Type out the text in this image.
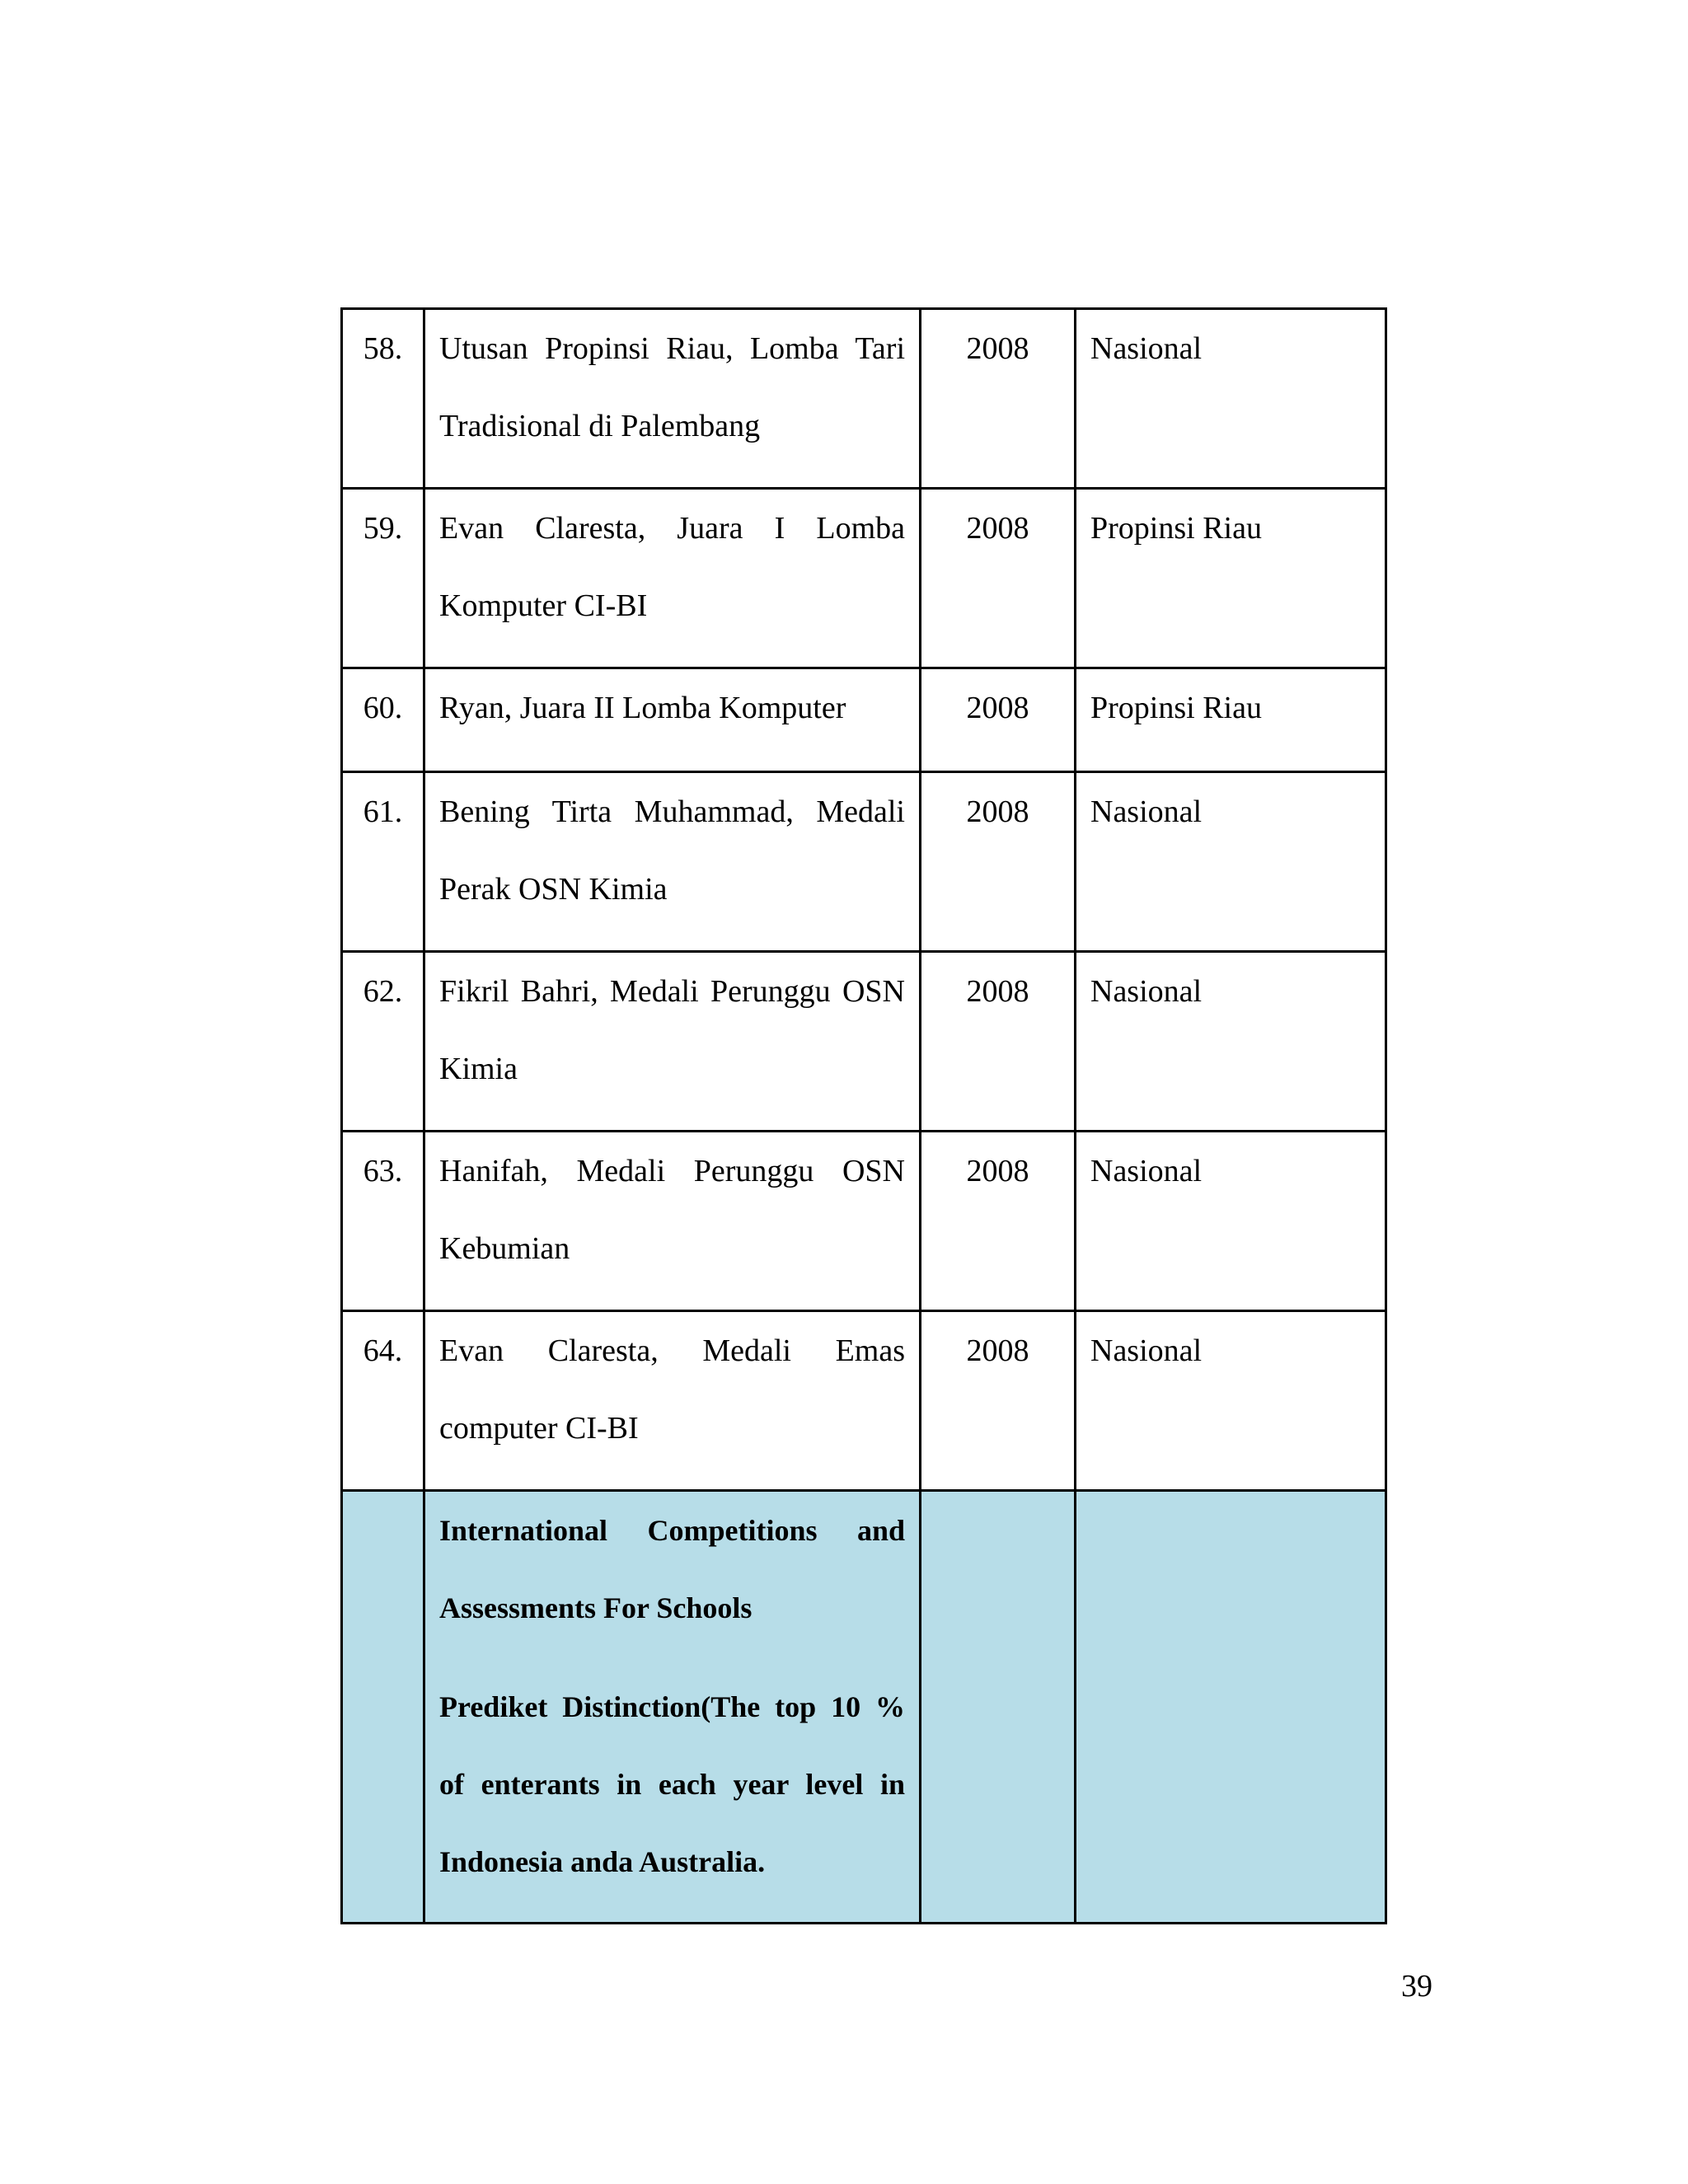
58.	Utusan Propinsi Riau, Lomba Tari Tradisional di Palembang	2008	Nasional
59.	Evan Claresta, Juara I Lomba Komputer CI-BI	2008	Propinsi Riau
60.	Ryan, Juara II Lomba Komputer	2008	Propinsi Riau
61.	Bening Tirta Muhammad, Medali Perak OSN Kimia	2008	Nasional
62.	Fikril Bahri, Medali Perunggu OSN Kimia	2008	Nasional
63.	Hanifah, Medali Perunggu OSN Kebumian	2008	Nasional
64.	Evan Claresta, Medali Emas computer CI-BI	2008	Nasional

	International Competitions and Assessments For Schools
Prediket Distinction(The top 10 % of enterants in each year level in Indonesia anda Australia.		

39
